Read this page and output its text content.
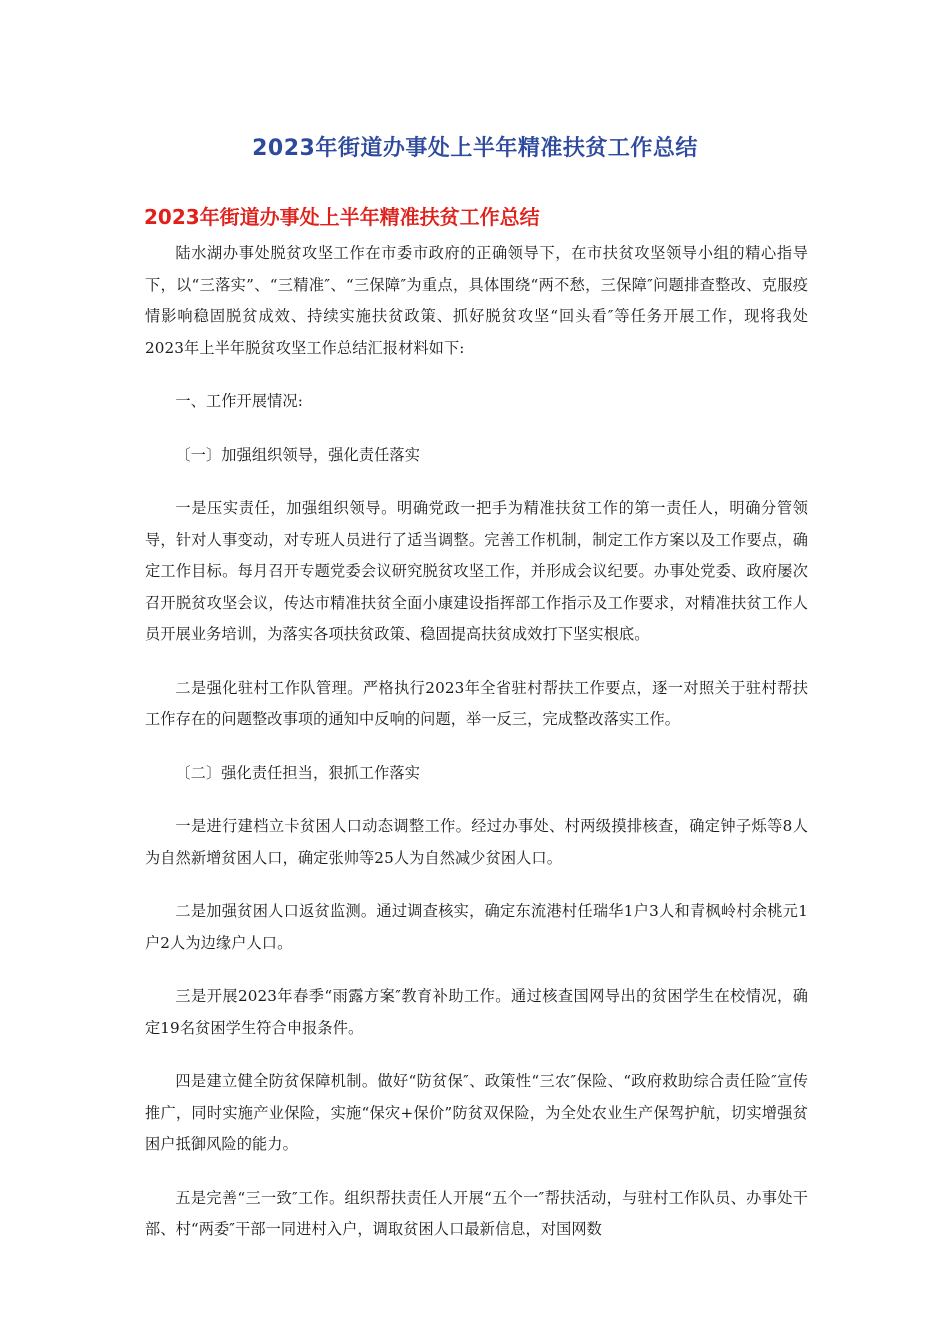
2023年街道办事处上半年精准扶贫工作总结
2023年街道办事处上半年精准扶贫工作总结

陆水湖办事处脱贫攻坚工作在市委市政府的正确领导下，在市扶贫攻坚领导小组的精心指导下，以“三落实”、“三精准″、“三保障″为重点，具体围绕“两不愁，三保障″问题排查整改、克服疫情影响稳固脱贫成效、持续实施扶贫政策、抓好脱贫攻坚“回头看″等任务开展工作，现将我处2023年上半年脱贫攻坚工作总结汇报材料如下:

一、工作开展情况:

〔一〕加强组织领导，强化责任落实

一是压实责任，加强组织领导。明确党政一把手为精准扶贫工作的第一责任人，明确分管领导，针对人事变动，对专班人员进行了适当调整。完善工作机制，制定工作方案以及工作要点，确定工作目标。每月召开专题党委会议研究脱贫攻坚工作，并形成会议纪要。办事处党委、政府屡次召开脱贫攻坚会议，传达市精准扶贫全面小康建设指挥部工作指示及工作要求，对精准扶贫工作人员开展业务培训，为落实各项扶贫政策、稳固提高扶贫成效打下坚实根底。

二是强化驻村工作队管理。严格执行2023年全省驻村帮扶工作要点，逐一对照关于驻村帮扶工作存在的问题整改事项的通知中反响的问题，举一反三，完成整改落实工作。

〔二〕强化责任担当，狠抓工作落实

一是进行建档立卡贫困人口动态调整工作。经过办事处、村两级摸排核查，确定钟子烁等8人为自然新增贫困人口，确定张帅等25人为自然减少贫困人口。

二是加强贫困人口返贫监测。通过调查核实，确定东流港村任瑞华1户3人和青枫岭村余桃元1户2人为边缘户人口。

三是开展2023年春季“雨露方案″教育补助工作。通过核查国网导出的贫困学生在校情况，确定19名贫困学生符合申报条件。

四是建立健全防贫保障机制。做好“防贫保″、政策性“三农″保险、“政府救助综合责任险″宣传推广，同时实施产业保险，实施“保灾+保价”防贫双保险，为全处农业生产保驾护航，切实增强贫困户抵御风险的能力。

五是完善“三一致″工作。组织帮扶责任人开展“五个一″帮扶活动，与驻村工作队员、办事处干部、村“两委″干部一同进村入户，调取贫困人口最新信息，对国网数
